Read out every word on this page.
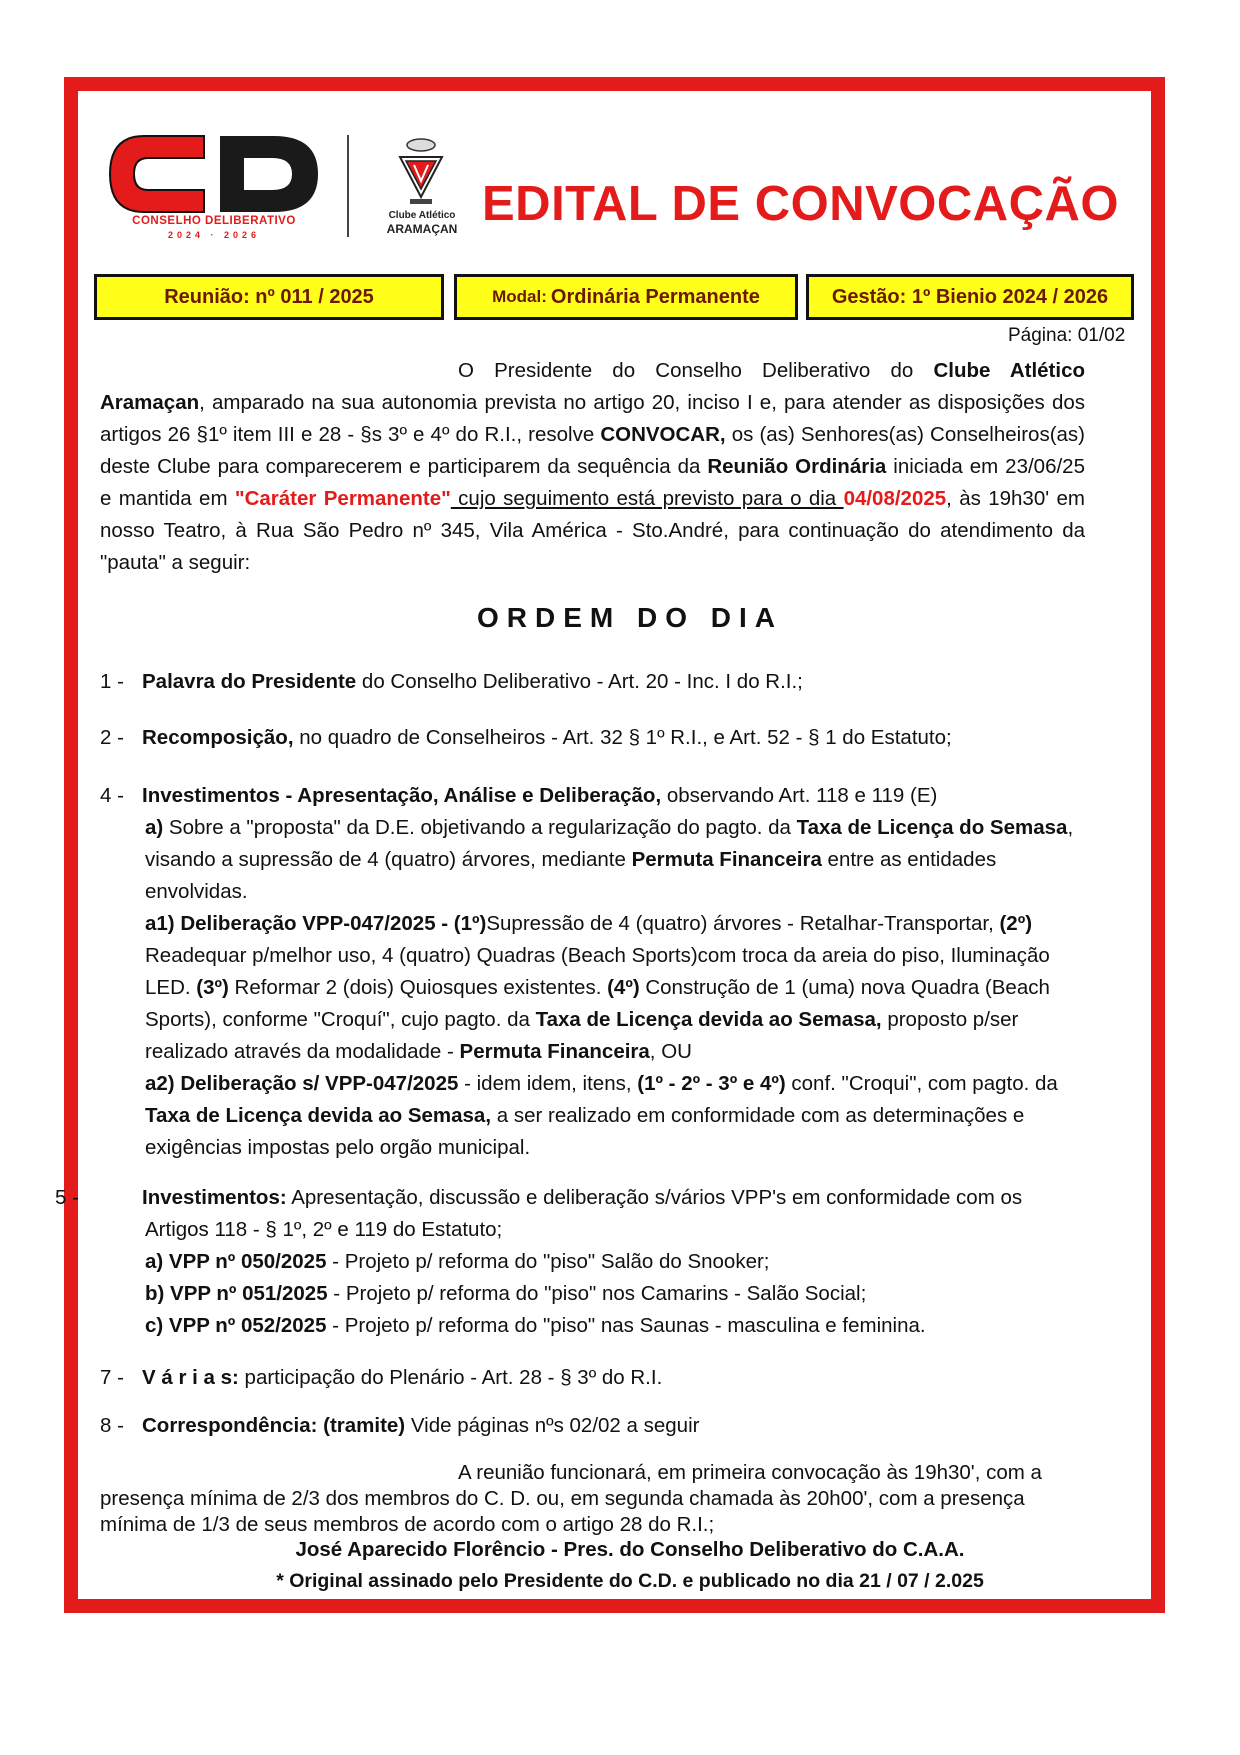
CONSELHO DELIBERATIVO
2024 · 2026
Clube Atlético
ARAMAÇAN EDITAL DE CONVOCAÇÃO
Reunião: nº 011 / 2025	Modal: Ordinária Permanente	Gestão: 1º Bienio 2024 / 2026
Página: 01/02
O Presidente do Conselho Deliberativo do Clube Atlético Aramaçan, amparado na sua autonomia prevista no artigo 20, inciso I e, para atender as disposições dos artigos 26 §1º item III e 28 - §s 3º e 4º do R.I., resolve CONVOCAR, os (as) Senhores(as) Conselheiros(as) deste Clube para comparecerem e participarem da sequência da Reunião Ordinária iniciada em 23/06/25 e mantida em "Caráter Permanente" cujo seguimento está previsto para o dia 04/08/2025, às 19h30' em nosso Teatro, à Rua São Pedro nº 345, Vila América - Sto.André, para continuação do atendimento da "pauta" a seguir:
ORDEM DO DIA
1 - Palavra do Presidente do Conselho Deliberativo - Art. 20 - Inc. I do R.I.;
2 - Recomposição, no quadro de Conselheiros - Art. 32 § 1º R.I., e Art. 52 - § 1 do Estatuto;
4 - Investimentos - Apresentação, Análise e Deliberação, observando Art. 118 e 119 (E)
a) Sobre a "proposta" da D.E. objetivando a regularização do pagto. da Taxa de Licença do Semasa, visando a supressão de 4 (quatro) árvores, mediante Permuta Financeira entre as entidades envolvidas.
a1) Deliberação VPP-047/2025 - (1º)Supressão de 4 (quatro) árvores - Retalhar-Transportar, (2º) Readequar p/melhor uso, 4 (quatro) Quadras (Beach Sports)com troca da areia do piso, Iluminação LED. (3º) Reformar 2 (dois) Quiosques existentes. (4º) Construção de 1 (uma) nova Quadra (Beach Sports), conforme "Croquí", cujo pagto. da Taxa de Licença devida ao Semasa, proposto p/ser realizado através da modalidade - Permuta Financeira, OU
a2) Deliberação s/ VPP-047/2025 - idem idem, itens, (1º - 2º - 3º e 4º) conf. "Croqui", com pagto. da Taxa de Licença devida ao Semasa, a ser realizado em conformidade com as determinações e exigências impostas pelo orgão municipal.
5 -	Investimentos: Apresentação, discussão e deliberação s/vários VPP's em conformidade com os Artigos 118 - § 1º, 2º e 119 do Estatuto;
a) VPP nº 050/2025 - Projeto p/ reforma do "piso" Salão do Snooker;
b) VPP nº 051/2025 - Projeto p/ reforma do "piso" nos Camarins - Salão Social;
c) VPP nº 052/2025 - Projeto p/ reforma do "piso" nas Saunas - masculina e feminina.
7 - V á r i a s: participação do Plenário - Art. 28 - § 3º do R.I.
8 - Correspondência: (tramite) Vide páginas nºs 02/02 a seguir
A reunião funcionará, em primeira convocação às 19h30', com a presença mínima de 2/3 dos membros do C. D. ou, em segunda chamada às 20h00', com a presença mínima de 1/3 de seus membros de acordo com o artigo 28 do R.I.;
José Aparecido Florêncio - Pres. do Conselho Deliberativo do C.A.A.
* Original assinado pelo Presidente do C.D. e publicado no dia 21 / 07 / 2.025
